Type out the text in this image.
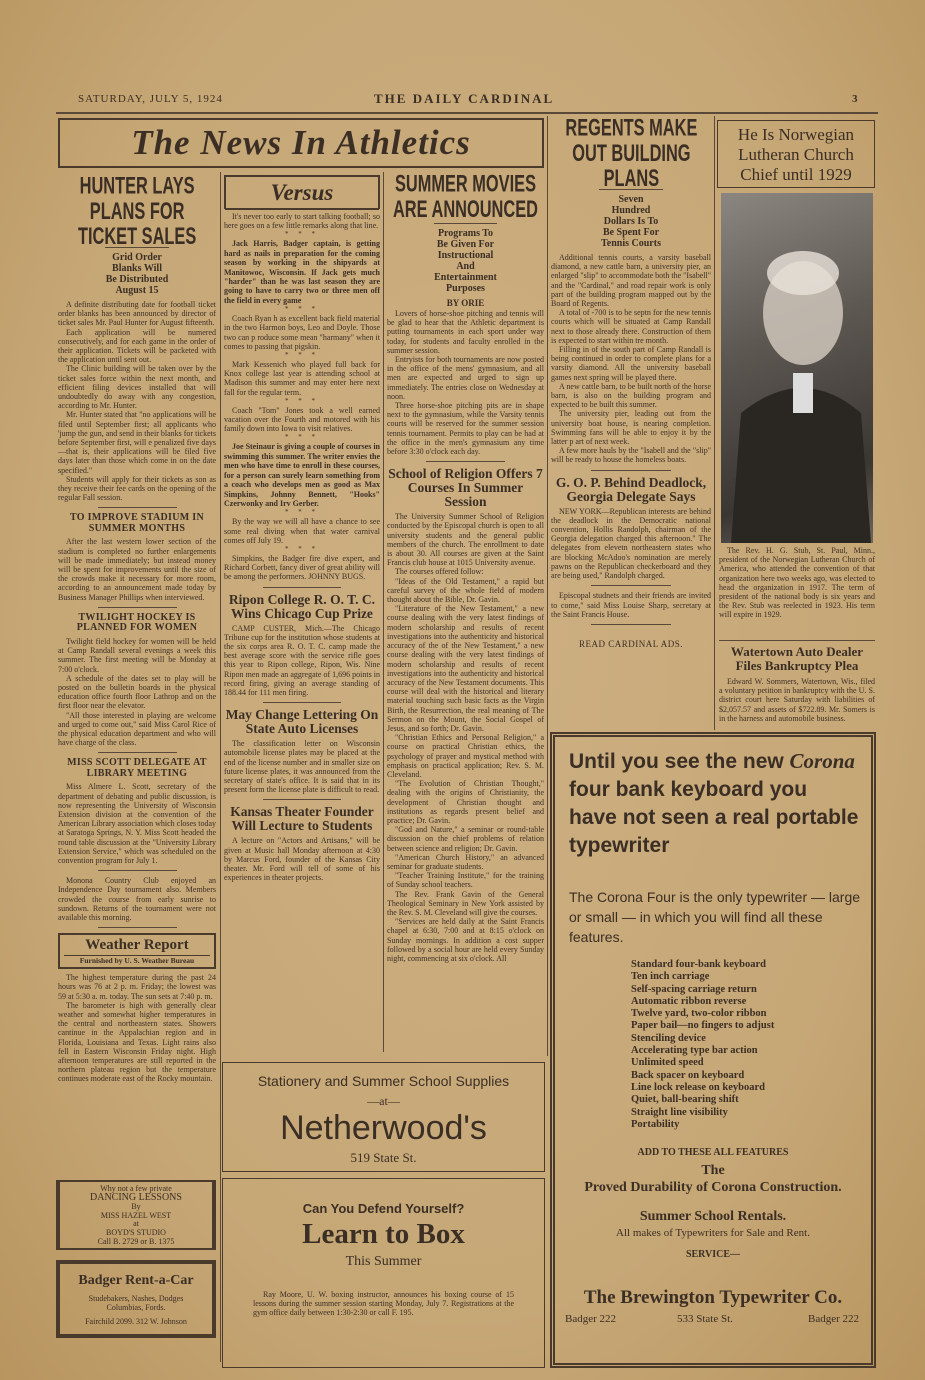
SATURDAY, JULY 5, 1924	THE DAILY CARDINAL	3
The News In Athletics
HUNTER LAYS PLANS FOR TICKET SALES
Grid Order Blanks Will Be Distributed August 15
A definite distributing date for football ticket order blanks has been announced by director of ticket sales Mr. Paul Hunter for August fifteenth.
Each application will be numered consecutively, and for each game in the order of their application. Tickets will be packeted with the application until sent out.
The Clinic building will be taken over by the ticket sales force within the next month, and efficient filing devices installed that will undoubtedly do away with any congestion, according to Mr. Hunter.
Mr. Hunter stated that "no applications will be filed until September first; all applicants who 'jump the gun, and send in their blanks for tickets before September first, will e penalized five days—that is, their applications will be filed five days later than those which come in on the date specified."
Students will apply for their tickets as son as they receive their fee cards on the opening of the regular Fall session.
TO IMPROVE STADIUM IN SUMMER MONTHS
After the last western lower section of the stadium is completed no further enlargements will be made immediately; but instead money will be spent for improvements until the size of the crowds make it necessary for more room, according to an announcement made today by Business Manager Phillips when interviewed.
TWILIGHT HOCKEY IS PLANNED FOR WOMEN
Twilight field hockey for women will be held at Camp Randall several evenings a week this summer. The first meeting will be Monday at 7:00 o'clock.
A schedule of the dates set to play will be posted on the bulletin boards in the physical education office fourth floor Lathrop and on the first floor near the elevator.
"All those interested in playing are welcome and urged to come out," said Miss Carol Rice of the physical education department and who will have charge of the class.
MISS SCOTT DELEGATE AT LIBRARY MEETING
Miss Almere L. Scott, secretary of the department of debating and public discussion, is now representing the University of Wisconsin Extension division at the convention of the American Library association which closes today at Saratoga Springs, N. Y. Miss Scott headed the round table discussion at the "University Library Extension Service," which was scheduled on the convention program for July 1.
Monona Country Club enjoyed an Independence Day tournament also. Members crowded the course from early sunrise to sundown. Returns of the tournament were not available this morning.
Weather Report
Furnished by U. S. Weather Bureau
The highest temperature during the past 24 hours was 76 at 2 p. m. Friday; the lowest was 59 at 5:30 a. m. today. The sun sets at 7:40 p. m.
The barometer is high with generally clear weather and somewhat higher temperatures in the central and northeastern states. Showers cantinue in the Appalachian region and in Florida, Louisiana and Texas. Light rains also fell in Eastern Wisconsin Friday night. High afternoon temperatures are still reported in the northern plateau region but the temperature continues moderate east of the Rocky mountain.
Versus
It's never too early to start talking football; so here goes on a few little remarks along that line.
* * *
Jack Harris, Badger captain, is getting hard as nails in preparation for the coming season by working in the shipyards at Manitowoc, Wisconsin. If Jack gets much "harder" than he was last season they are going to have to carry two or three men off the field in every game
* * *
Coach Ryan h as excellent back field material in the two Harmon boys, Leo and Doyle. Those two can p roduce some mean "harmany" when it comes to passing that pigskin.
* * *
Mark Kessenich who played full back for Knox college last year is attending school at Madison this summer and may enter here next fall for the regular term.
* * *
Coach "Tom" Jones took a well earned vacation over the Fourth and motored with his family down into Iowa to visit relatives.
* * *
Joe Steinaur is giving a couple of courses in swimming this summer. The writer envies the men who have time to enroll in these courses, for a person can surely learn something from a coach who develops men as good as Max Simpkins, Johnny Bennett, "Hooks" Czerwonky and Irv Gerber.
* * *
By the way we will all have a chance to see some real diving when that water carnival comes off July 19.
* * *
Simpkins, the Badger fire dive expert, and Richard Corbett, fancy diver of great ability will be among the performers. JOHNNY BUGS.
Ripon College R. O. T. C. Wins Chicago Cup Prize
CAMP CUSTER, Mich.—The Chicago Tribune cup for the institution whose students at the six corps area R. O. T. C. camp made the best average score with the service rifle goes this year to Ripon college, Ripon, Wis. Nine Ripon men made an aggregate of 1,696 points in record firing, giving an average standing of 188.44 for 111 men firing.
May Change Lettering On State Auto Licenses
The classification letter on Wisconsin automobile license plates may be placed at the end of the license number and in smaller size on future license plates, it was announced from the secretary of state's office. It is said that in its present form the license plate is difficult to read.
Kansas Theater Founder Will Lecture to Students
A lecture on "Actors and Artisans," will be given at Music hall Monday afternoon at 4:30 by Marcus Ford, founder of the Kansas City theater. Mr. Ford will tell of some of his experiences in theater projects.
SUMMER MOVIES ARE ANNOUNCED
Programs To Be Given For Instructional And Entertainment Purposes
BY ORIE
Lovers of horse-shoe pitching and tennis will be glad to hear that the Athletic department is putting tournaments in each sport under way today, for students and faculty enrolled in the summer session.
Entryists for both tournaments are now posted in the office of the mens' gymnasium, and all men are expected and urged to sign up immediately. The entries close on Wednesday at noon.
Three horse-shoe pitching pits are in shape next to the gymnasium, while the Varsity tennis courts will be reserved for the summer session tennis tournament. Permits to play can be had at the office in the men's gymnasium any time before 3:30 o'clock each day.
School of Religion Offers 7 Courses In Summer Session
The University Summer School of Religion conducted by the Episcopal church is open to all university students and the general public members of the church. The enrollment to date is about 30. All courses are given at the Saint Francis club house at 1015 University avenue.
The courses offered follow:
"Ideas of the Old Testament," a rapid but careful survey of the whole field of modern thought about the Bible, Dr. Gavin.
"Literature of the New Testament," a new course dealing with the very latest findings of modern scholarship and results of recent investigations into the authenticity and historical accuracy of the of the New Testament," a new course dealing with the very latest findings of modern scholarship and results of recent investigations into the authenticity and historical accuracy of the New Testament documents. This course will deal with the historical and literary material touching such basic facts as the Virgin Birth, the Resurrection, the real meaning of The Sermon on the Mount, the Social Gospel of Jesus, and so forth; Dr. Gavin.
"Christian Ethics and Personal Religion," a course on practical Christian ethics, the psychology of prayer and mystical method with emphasis on practical application; Rev. S. M. Cleveland.
"The Evolution of Christian Thought," dealing with the origins of Christianity, the development of Christian thought and institutions as regards present belief and practice; Dr. Gavin.
"God and Nature," a seminar or round-table discussion on the chief problems of relation between science and religion; Dr. Gavin.
"American Church History," an advanced seminar for graduate students.
"Teacher Training Institute," for the training of Sunday school teachers.
The Rev. Frank Gavin of the General Theological Seminary in New York assisted by the Rev. S. M. Cleveland will give the courses.
"Services are held daily at the Saint Francis chapel at 6:30, 7:00 and at 8:15 o'clock on Sunday mornings. In addition a cost supper followed by a social hour are held every Sunday night, commencing at six o'clock. All
REGENTS MAKE OUT BUILDING PLANS
Seven Hundred Dollars Is To Be Spent For Tennis Courts
Additional tennis courts, a varsity baseball diamond, a new cattle barn, a university pier, an enlarged "slip" to accommodate both the "Isabell" and the "Cardinal," and road repair work is only part of the building program mapped out by the Board of Regents.
A total of -700 is to be septn for the new tennis courts which will be situated at Camp Randall next to those already there. Construction of them is expected to start within tre month.
Filling in of the south part of Camp Randall is being continued in order to complete plans for a varsity diamond. All the university baseball games next spring will be played there.
A new cattle barn, to be built north of the horse barn, is also on the building program and expected to be built this summer.
The university pier, leading out from the university boat house, is nearing completion. Swimming fans will be able to enjoy it by the latter p art of next week.
A few more hauls by the "Isabell and the "slip" will be ready to house the homeless boats.
G. O. P. Behind Deadlock, Georgia Delegate Says
NEW YORK—Republican interests are behind the deadlock in the Democratic national convention, Hollis Randolph, chairman of the Georgia delegation charged this afternoon." The delegates from elevetn northeastern states who are blocking McAdoo's nomination are merely pawns on the Republican checkerboard and they are being used," Randolph charged.
Episcopal studnets and their friends are invited to come," said Miss Louise Sharp, secretary at the Saint Francis House.
READ CARDINAL ADS.
He Is Norwegian Lutheran Church Chief until 1929
The Rev. H. G. Stub, St. Paul, Minn., president of the Norwegian Lutheran Church of America, who attended the convention of that organization here two weeks ago, was elected to head the organization in 1917. The term of president of the national body is six years and the Rev. Stub was reelected in 1923. His term will expire in 1929.
Watertown Auto Dealer Files Bankruptcy Plea
Edward W. Sommers, Watertown, Wis., filed a voluntary petition in bankruptcy with the U. S. district court here Saturday with liabilities of $2,057.57 and assets of $722.89. Mr. Somers is in the harness and automobile business.
Until you see the new Corona four bank keyboard you have not seen a real portable typewriter
The Corona Four is the only typewriter — large or small — in which you will find all these features.
Standard four-bank keyboard
Ten inch carriage
Self-spacing carriage return
Automatic ribbon reverse
Twelve yard, two-color ribbon
Paper bail—no fingers to adjust
Stenciling device
Accelerating type bar action
Unlimited speed
Back spacer on keyboard
Line lock release on keyboard
Quiet, ball-bearing shift
Straight line visibility
Portability
ADD TO THESE ALL FEATURES
The
Proved Durability of Corona Construction.
Summer School Rentals.
All makes of Typewriters for Sale and Rent.
SERVICE—
The Brewington Typewriter Co.
Badger 222	533 State St.	Badger 222
Stationery and Summer School Supplies
—at—
Netherwood's
519 State St.
Can You Defend Yourself?
Learn to Box
This Summer
Ray Moore, U. W. boxing instructor, announces his boxing course of 15 lessons during the summer session starting Monday, July 7. Registrations at the gym office daily between 1:30-2:30 or call F. 195.
Why not a few private
DANCING LESSONS
By
MISS HAZEL WEST
at
BOYD'S STUDIO
Call B. 2729 or B. 1375
Badger Rent-a-Car
Studebakers, Nashes, Dodges
Columbias, Fords.
Fairchild 2099. 312 W. Johnson
